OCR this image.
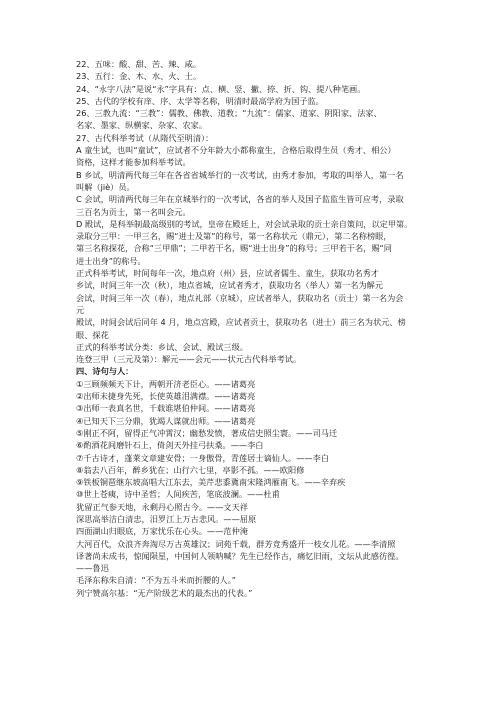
22、五味：酸、甜、苦、辣、咸。
23、五行：金、木、水、火、土。
24、“永字八法”是说“永”字具有：点、横、竖、撇、捺、折、钩、提八种笔画。
25、古代的学校有庠、序、太学等名称，明清时最高学府为国子监。
26、三教九流：“三教”：儒教、佛教、道教；“九流”：儒家、道家、阴阳家、法家、
名家、墨家、纵横家、杂家、农家。
27、古代科举考试（从隋代至明清）：
A 童生试，也叫“童试”，应试者不分年龄大小都称童生，合格后取得生员（秀才、相公）
资格，这样才能参加科举考试。
B 乡试，明清两代每三年在各省省城举行的一次考试，由秀才参加，考取的叫举人，第一名
叫解（jiè）员。
C 会试，明清两代每三年在京城举行的一次考试，各省的举人及国子监监生皆可应考，录取
三百名为贡士，第一名叫会元。
D 殿试，是科举制最高级别的考试，皇帝在殿廷上，对会试录取的贡士亲自策问，以定甲第。
录取分三甲：一甲三名，赐“进士及第”的称号，第一名称状元（鼎元），第二名称榜眼，
第三名称探花，合称“三甲鼎”；二甲若干名，赐“进士出身”的称号；三甲若干名，赐“同
进士出身”的称号。
正式科举考试，时间每年一次，地点府（州）县，应试者儒生、童生，获取功名秀才
乡试，时间三年一次（秋），地点省城，应试者秀才，获取功名（举人）第一名为解元
会试，时间三年一次（春），地点礼部（京城），应试者举人，获取功名（贡士）第一名为会
元
殿试，时间会试后同年 4 月，地点宫殿，应试者贡士，获取功名（进士）前三名为状元、榜
眼、探花
正式的科举考试分类：乡试、会试、殿试三级。
连登三甲（三元及第）：解元——会元——状元古代科举考试。
四、诗句与人：
①三顾频频天下计，两朝开济老臣心。——诸葛亮
②出师未捷身先死，长使英雄泪满襟。——诸葛亮
③出师一表真名世，千载谁堪伯仲间。——诸葛亮
④已知天下三分鼎，犹竭人谋就出师。——诸葛亮
⑤刚正不阿，留得正气冲霄汉；幽愁发愤，著成信史照尘寰。——司马迁
⑥酌酒花间磨针石上，倚剑天外挂弓扶桑。——李白
⑦千古诗才，蓬莱文章建安骨；一身傲骨，青莲居士谪仙人。——李白
⑧翁去八百年，醉乡犹在；山行六七里，亭影不孤。——欧阳修
⑨铁板铜琶继东坡高唱大江东去，美芹悲黍冀南宋隆鸿雁南飞。——辛弃疾
⑩世上苍痍，诗中圣哲；人间疾苦，笔底波澜。——杜甫
犹留正气参天地，永剩丹心照古今。——文天祥
深思高举洁白清忠，汨罗江上万古悲风。——屈原
四面湖山归眼底，万家忧乐在心头。——范仲淹
大河百代，众浪齐奔淘尽万古英雄汉；词苑千载，群芳竞秀盛开一枝女儿花。——李清照
译著尚未成书，惊闻陨星，中国何人领呐喊？先生已经作古，痛忆旧雨，文坛从此感彷徨。
——鲁迅
毛泽东称朱自清：“不为五斗米而折腰的人。”
列宁赞高尔基：“无产阶级艺术的最杰出的代表。”
